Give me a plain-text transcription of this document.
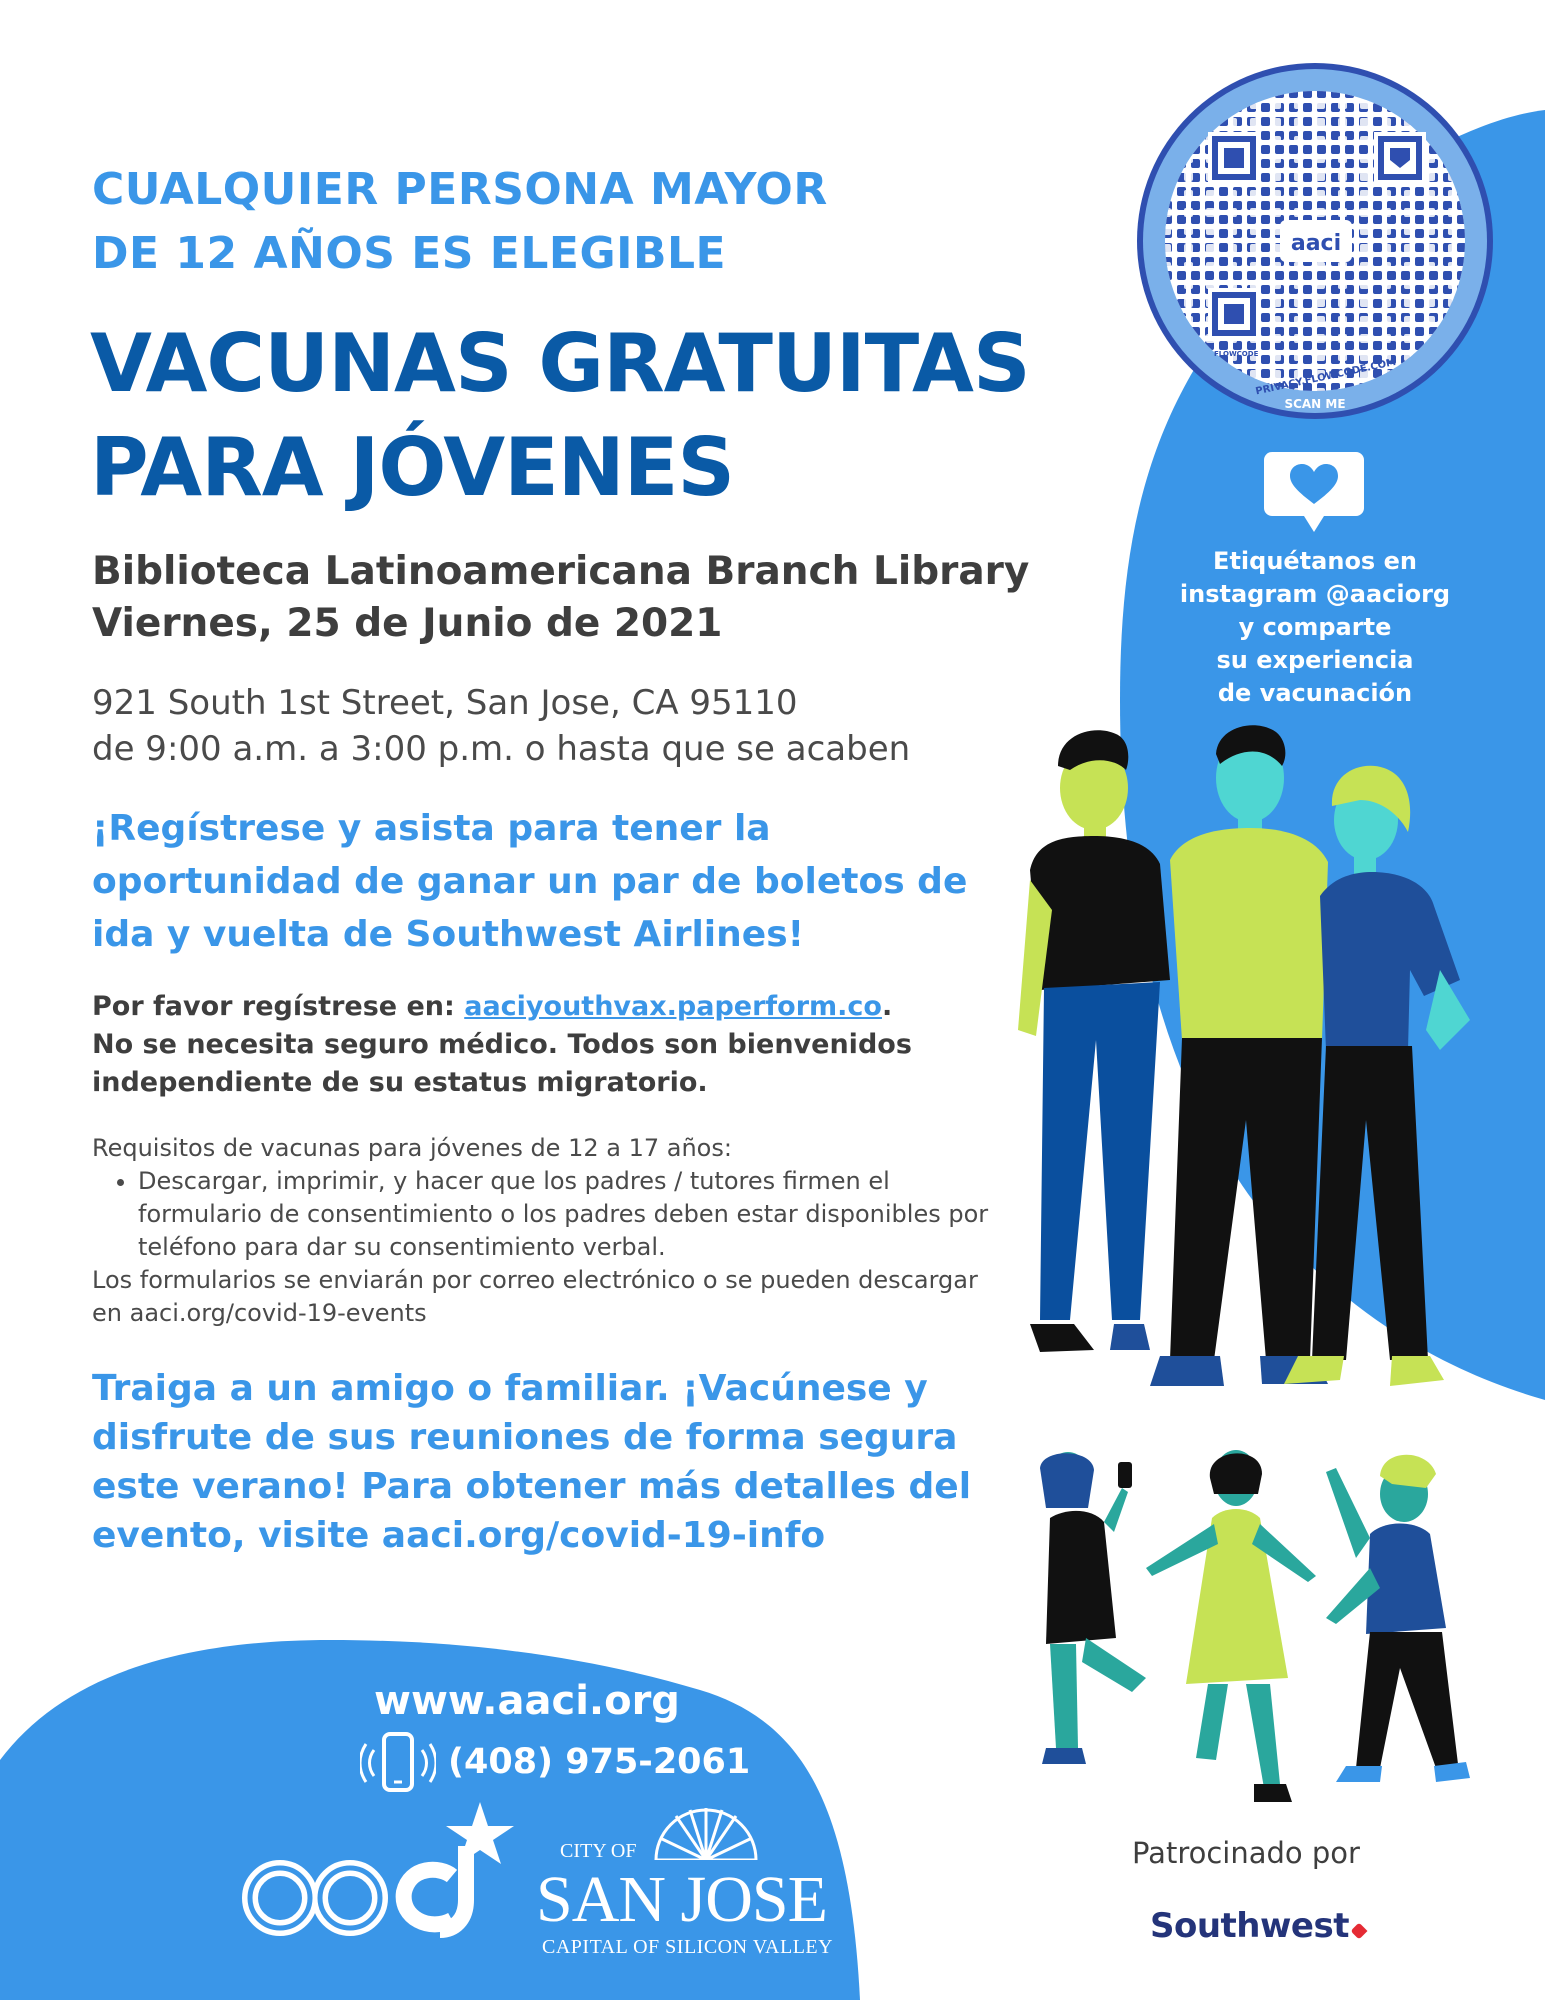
CUALQUIER PERSONA MAYOR
DE 12 AÑOS ES ELEGIBLE
VACUNAS GRATUITAS
PARA JÓVENES
Biblioteca Latinoamericana Branch Library
Viernes, 25 de Junio de 2021
921 South 1st Street, San Jose, CA 95110
de 9:00 a.m. a 3:00 p.m. o hasta que se acaben
¡Regístrese y asista para tener la
oportunidad de ganar un par de boletos de
ida y vuelta de Southwest Airlines!
Por favor regístrese en: aaciyouthvax.paperform.co.
No se necesita seguro médico. Todos son bienvenidos
independiente de su estatus migratorio.
Requisitos de vacunas para jóvenes de 12 a 17 años:
• Descargar, imprimir, y hacer que los padres / tutores firmen el formulario de consentimiento o los padres deben estar disponibles por teléfono para dar su consentimiento verbal.
Los formularios se enviarán por correo electrónico o se pueden descargar en aaci.org/covid-19-events
Traiga a un amigo o familiar. ¡Vacúnese y
disfrute de sus reuniones de forma segura
este verano! Para obtener más detalles del
evento, visite aaci.org/covid-19-info
aaci
FLOWCODE
PRIVACY.FLOWCODE.COM
SCAN ME
Etiquétanos en
instagram @aaciorg
y comparte
su experiencia
de vacunación
www.aaci.org
(408) 975-2061
aaci
CITY OF
SAN JOSE
CAPITAL OF SILICON VALLEY
Patrocinado por
Southwest
